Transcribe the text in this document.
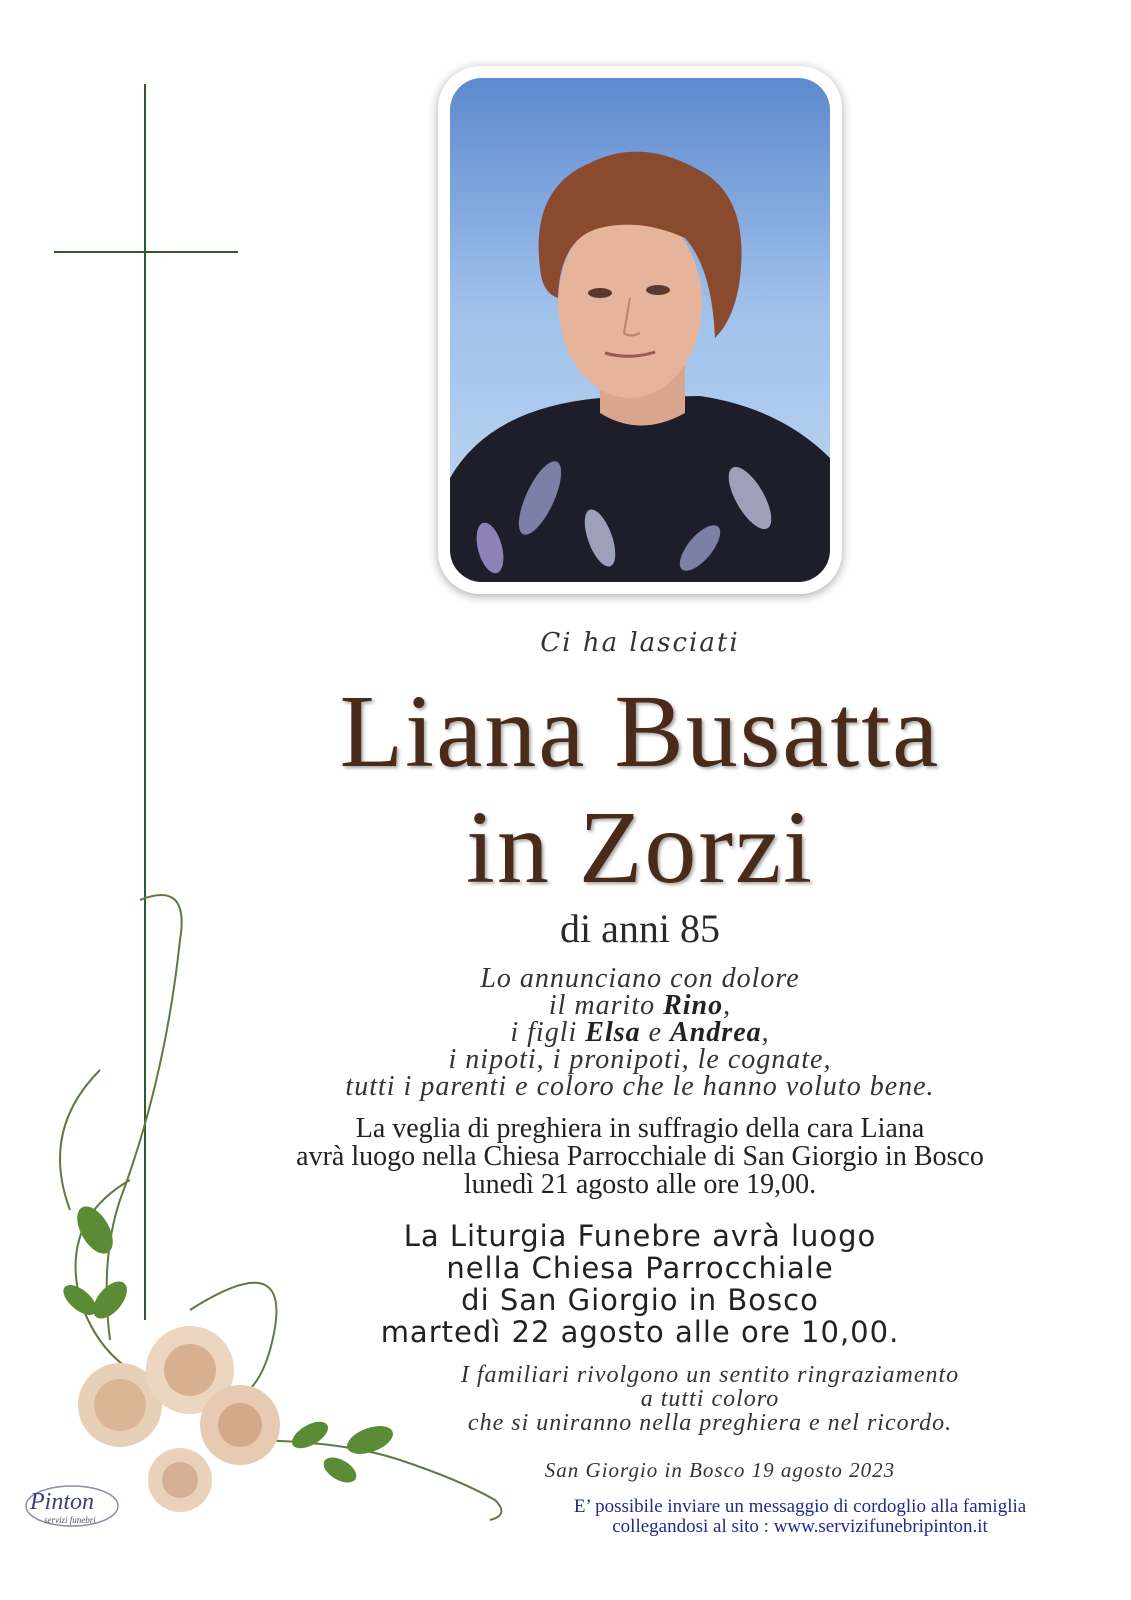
Ci ha lasciati
Liana Busatta
in Zorzi
di anni 85
Lo annunciano con dolore
il marito Rino,
i figli Elsa e Andrea,
i nipoti, i pronipoti, le cognate,
tutti i parenti e coloro che le hanno voluto bene.
La veglia di preghiera in suffragio della cara Liana
avrà luogo nella Chiesa Parrocchiale di San Giorgio in Bosco
lunedì 21 agosto alle ore 19,00.
La Liturgia Funebre avrà luogo
nella Chiesa Parrocchiale
di San Giorgio in Bosco
martedì 22 agosto alle ore 10,00.
I familiari rivolgono un sentito ringraziamento
a tutti coloro
che si uniranno nella preghiera e nel ricordo.
San Giorgio in Bosco 19 agosto 2023
E’ possibile inviare un messaggio di cordoglio alla famiglia
collegandosi al sito : www.servizifunebripinton.it
Pinton
servizi funebri
